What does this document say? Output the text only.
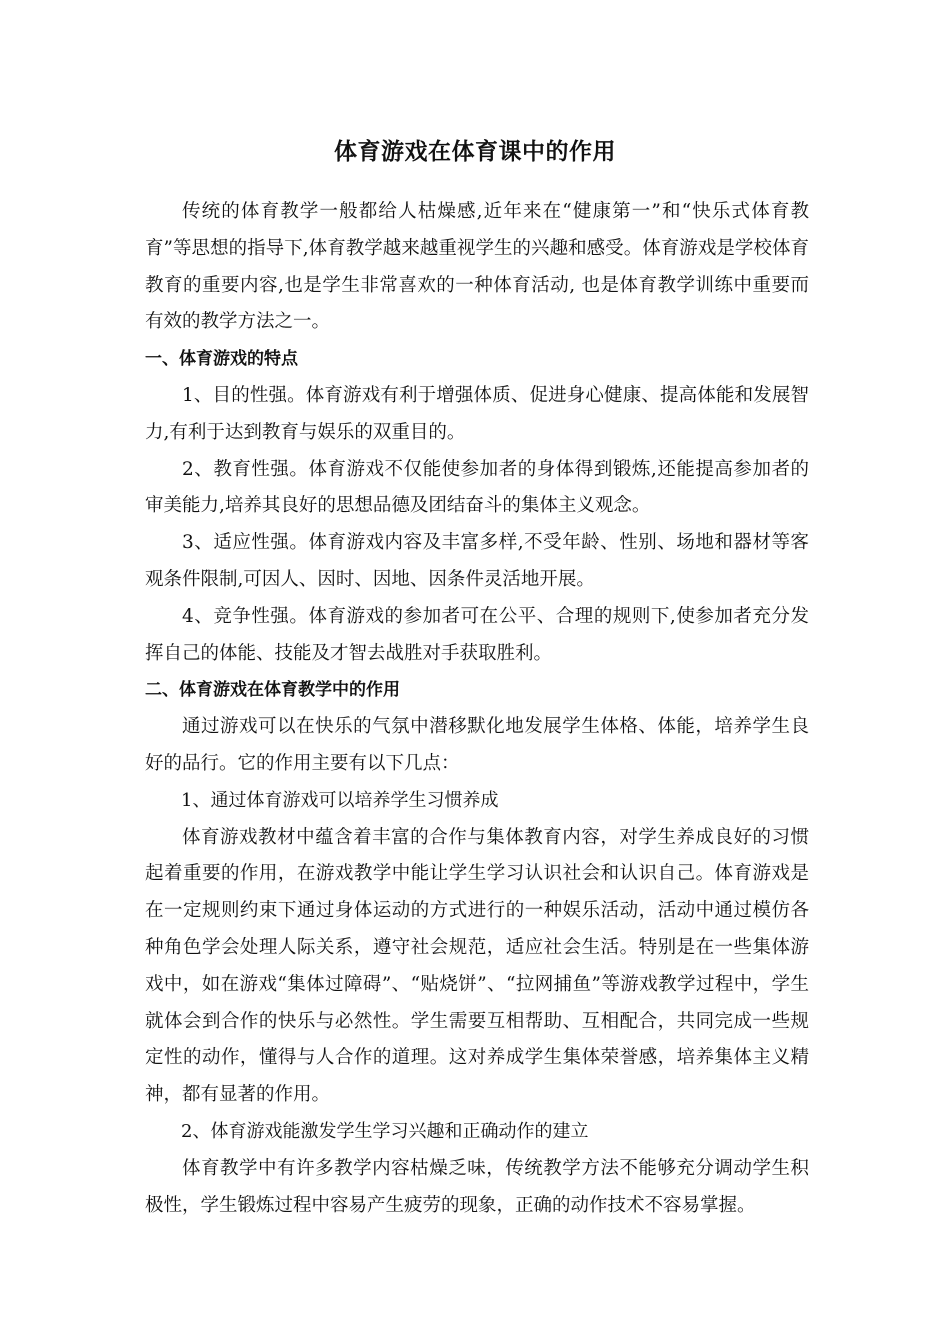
体育游戏在体育课中的作用

传统的体育教学一般都给人枯燥感,近年来在“健康第一”和“快乐式体育教育”等思想的指导下,体育教学越来越重视学生的兴趣和感受。体育游戏是学校体育教育的重要内容,也是学生非常喜欢的一种体育活动, 也是体育教学训练中重要而有效的教学方法之一。

一、体育游戏的特点

1、目的性强。体育游戏有利于增强体质、促进身心健康、提高体能和发展智力,有利于达到教育与娱乐的双重目的。

2、教育性强。体育游戏不仅能使参加者的身体得到锻炼,还能提高参加者的审美能力,培养其良好的思想品德及团结奋斗的集体主义观念。

3、适应性强。体育游戏内容及丰富多样,不受年龄、性别、场地和器材等客观条件限制,可因人、因时、因地、因条件灵活地开展。

4、竞争性强。体育游戏的参加者可在公平、合理的规则下,使参加者充分发挥自己的体能、技能及才智去战胜对手获取胜利。

二、体育游戏在体育教学中的作用

通过游戏可以在快乐的气氛中潜移默化地发展学生体格、体能，培养学生良好的品行。它的作用主要有以下几点：

1、通过体育游戏可以培养学生习惯养成

体育游戏教材中蕴含着丰富的合作与集体教育内容，对学生养成良好的习惯起着重要的作用，在游戏教学中能让学生学习认识社会和认识自己。体育游戏是在一定规则约束下通过身体运动的方式进行的一种娱乐活动，活动中通过模仿各种角色学会处理人际关系，遵守社会规范，适应社会生活。特别是在一些集体游戏中，如在游戏“集体过障碍”、“贴烧饼”、“拉网捕鱼”等游戏教学过程中，学生就体会到合作的快乐与必然性。学生需要互相帮助、互相配合，共同完成一些规定性的动作，懂得与人合作的道理。这对养成学生集体荣誉感，培养集体主义精神，都有显著的作用。

2、体育游戏能激发学生学习兴趣和正确动作的建立

体育教学中有许多教学内容枯燥乏味，传统教学方法不能够充分调动学生积极性，学生锻炼过程中容易产生疲劳的现象，正确的动作技术不容易掌握。
